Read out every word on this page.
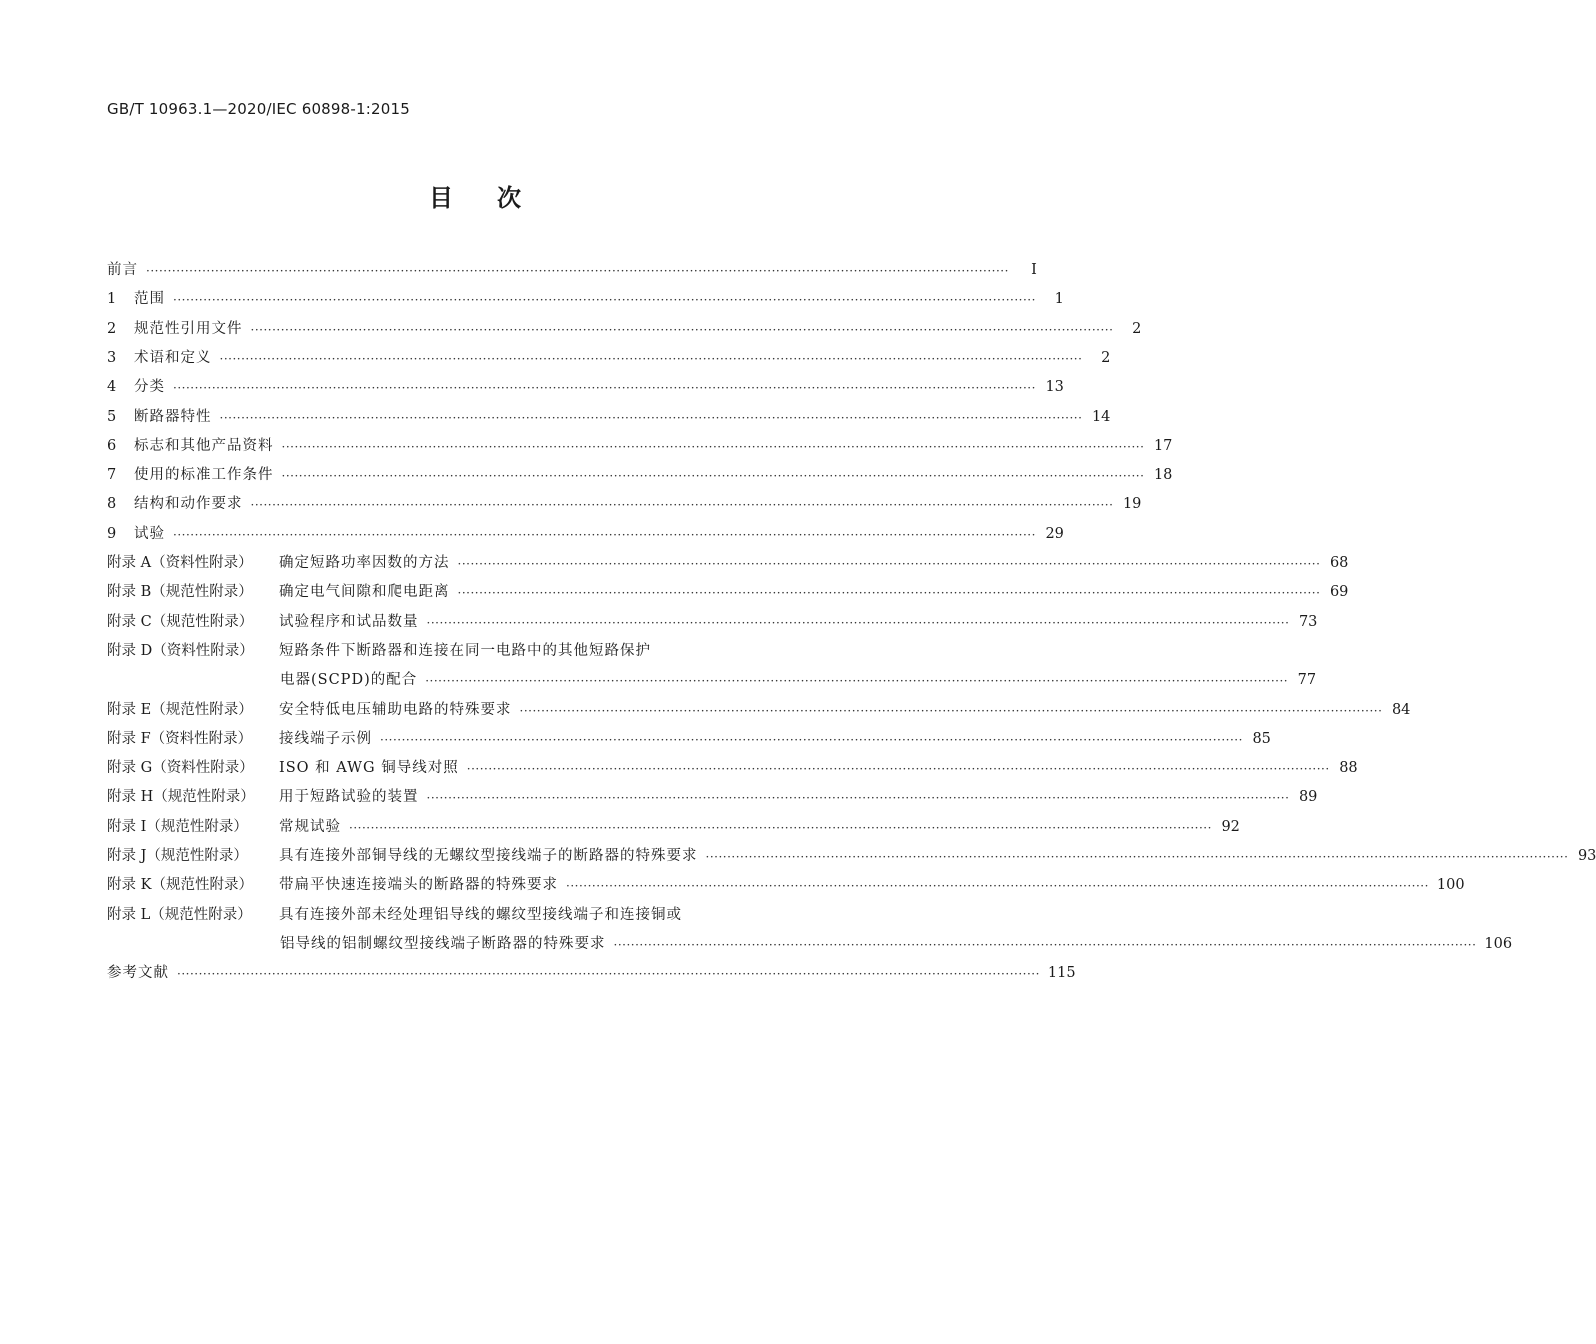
GB/T 10963.1—2020/IEC 60898-1:2015
目 次
前言 ········································································································································································································	Ⅰ
1	范围 ········································································································································································································	1
2	规范性引用文件 ········································································································································································································	2
3	术语和定义 ········································································································································································································	2
4	分类 ········································································································································································································ 13
5	断路器特性 ········································································································································································································ 14
6	标志和其他产品资料 ········································································································································································································ 17
7	使用的标准工作条件 ········································································································································································································ 18
8	结构和动作要求 ········································································································································································································ 19
9	试验 ········································································································································································································ 29
附录 A（资料性附录）	确定短路功率因数的方法 ········································································································································································································ 68
附录 B（规范性附录）	确定电气间隙和爬电距离 ········································································································································································································ 69
附录 C（规范性附录）	试验程序和试品数量 ········································································································································································································ 73
附录 D（资料性附录）	短路条件下断路器和连接在同一电路中的其他短路保护
电器(SCPD)的配合 ········································································································································································································ 77
附录 E（规范性附录）	安全特低电压辅助电路的特殊要求 ········································································································································································································ 84
附录 F（资料性附录）	接线端子示例 ········································································································································································································ 85
附录 G（资料性附录）	ISO 和 AWG 铜导线对照 ········································································································································································································ 88
附录 H（规范性附录）	用于短路试验的装置 ········································································································································································································ 89
附录 I（规范性附录）	常规试验 ········································································································································································································ 92
附录 J（规范性附录）	具有连接外部铜导线的无螺纹型接线端子的断路器的特殊要求 ········································································································································································································ 93
附录 K（规范性附录）	带扁平快速连接端头的断路器的特殊要求 ········································································································································································································ 100
附录 L（规范性附录）	具有连接外部未经处理铝导线的螺纹型接线端子和连接铜或
铝导线的铝制螺纹型接线端子断路器的特殊要求 ········································································································································································································ 106
参考文献 ········································································································································································································ 115
